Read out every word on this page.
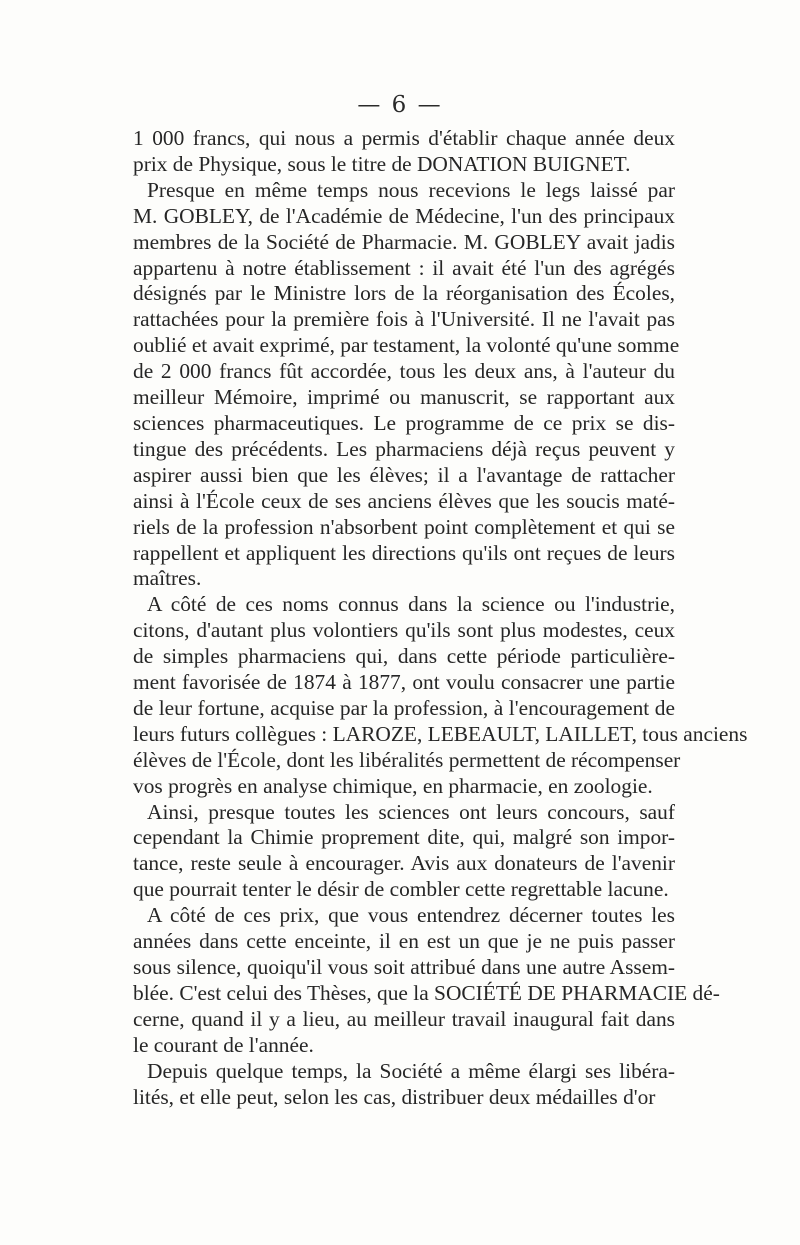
— 6 —
1 000 francs, qui nous a permis d'établir chaque année deux
prix de Physique, sous le titre de DONATION BUIGNET.
Presque en même temps nous recevions le legs laissé par
M. GOBLEY, de l'Académie de Médecine, l'un des principaux
membres de la Société de Pharmacie. M. GOBLEY avait jadis
appartenu à notre établissement : il avait été l'un des agrégés
désignés par le Ministre lors de la réorganisation des Écoles,
rattachées pour la première fois à l'Université. Il ne l'avait pas
oublié et avait exprimé, par testament, la volonté qu'une somme
de 2 000 francs fût accordée, tous les deux ans, à l'auteur du
meilleur Mémoire, imprimé ou manuscrit, se rapportant aux
sciences pharmaceutiques. Le programme de ce prix se dis-
tingue des précédents. Les pharmaciens déjà reçus peuvent y
aspirer aussi bien que les élèves; il a l'avantage de rattacher
ainsi à l'École ceux de ses anciens élèves que les soucis maté-
riels de la profession n'absorbent point complètement et qui se
rappellent et appliquent les directions qu'ils ont reçues de leurs
maîtres.
A côté de ces noms connus dans la science ou l'industrie,
citons, d'autant plus volontiers qu'ils sont plus modestes, ceux
de simples pharmaciens qui, dans cette période particulière-
ment favorisée de 1874 à 1877, ont voulu consacrer une partie
de leur fortune, acquise par la profession, à l'encouragement de
leurs futurs collègues : LAROZE, LEBEAULT, LAILLET, tous anciens
élèves de l'École, dont les libéralités permettent de récompenser
vos progrès en analyse chimique, en pharmacie, en zoologie.
Ainsi, presque toutes les sciences ont leurs concours, sauf
cependant la Chimie proprement dite, qui, malgré son impor-
tance, reste seule à encourager. Avis aux donateurs de l'avenir
que pourrait tenter le désir de combler cette regrettable lacune.
A côté de ces prix, que vous entendrez décerner toutes les
années dans cette enceinte, il en est un que je ne puis passer
sous silence, quoiqu'il vous soit attribué dans une autre Assem-
blée. C'est celui des Thèses, que la SOCIÉTÉ DE PHARMACIE dé-
cerne, quand il y a lieu, au meilleur travail inaugural fait dans
le courant de l'année.
Depuis quelque temps, la Société a même élargi ses libéra-
lités, et elle peut, selon les cas, distribuer deux médailles d'or
